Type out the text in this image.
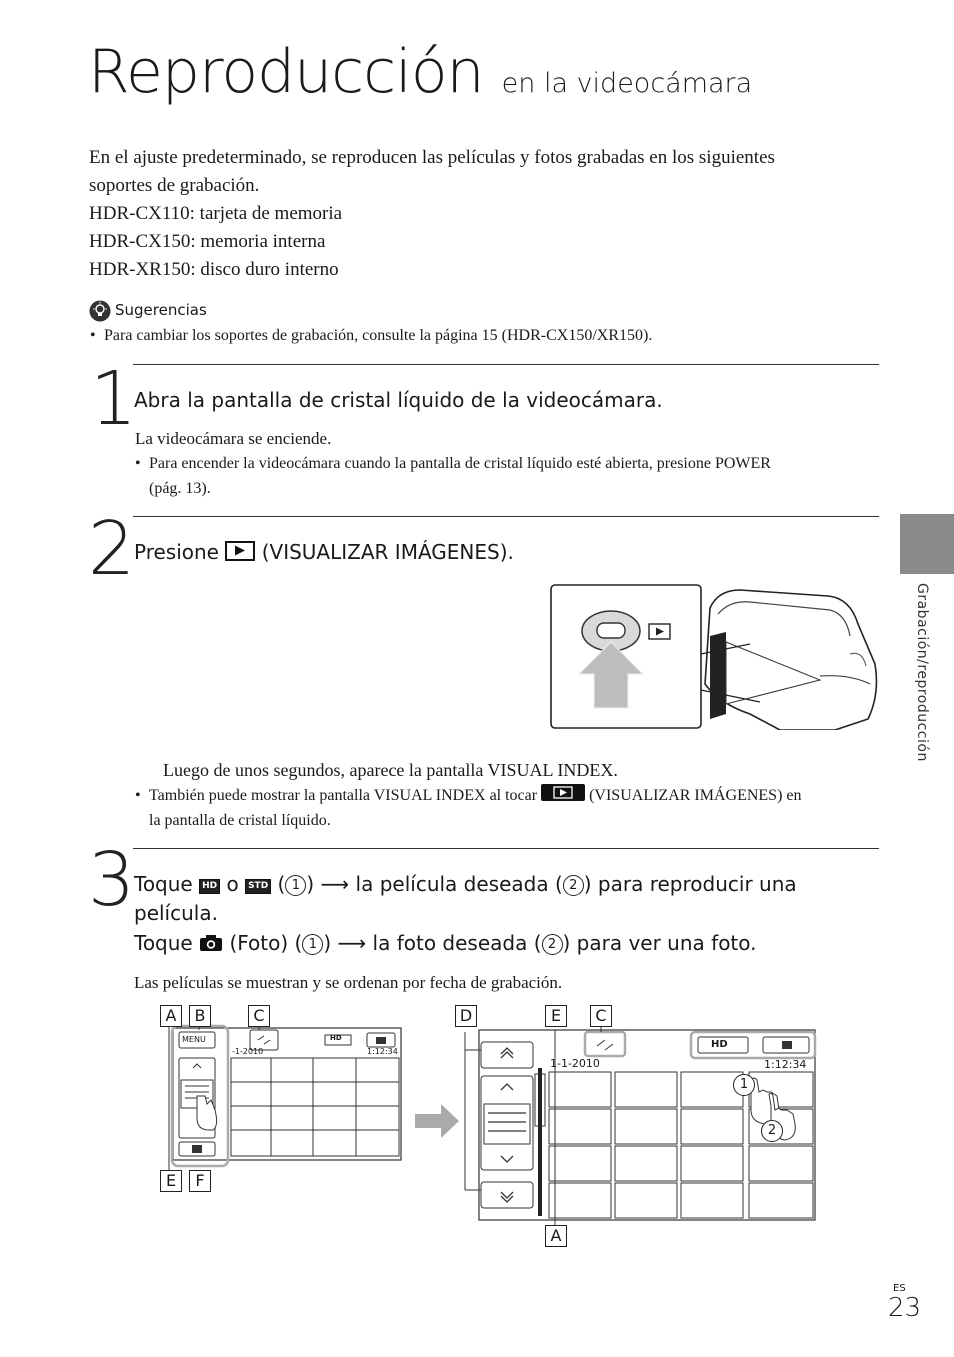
Reproducción en la videocámara
En el ajuste predeterminado, se reproducen las películas y fotos grabadas en los siguientes
soportes de grabación.
HDR-CX110: tarjeta de memoria
HDR-CX150: memoria interna
HDR-XR150: disco duro interno
Sugerencias
• Para cambiar los soportes de grabación, consulte la página 15 (HDR-CX150/XR150).
1
Abra la pantalla de cristal líquido de la videocámara.
La videocámara se enciende.
• Para encender la videocámara cuando la pantalla de cristal líquido esté abierta, presione POWER
(pág. 13).
2
Presione (VISUALIZAR IMÁGENES).
Luego de unos segundos, aparece la pantalla VISUAL INDEX.
• También puede mostrar la pantalla VISUAL INDEX al tocar	(VISUALIZAR IMÁGENES) en
la pantalla de cristal líquido.
3
Toque HD o STD ( 1 ) ⟶ la película deseada ( 2 ) para reproducir una
película.
Toque (Foto) ( 1 ) ⟶ la foto deseada ( 2 ) para ver una foto.
Las películas se muestran y se ordenan por fecha de grabación.
MENU
-1-2010	1:12:34
HD
A	B	C
E	F
1-1-2010	1:12:34
HD
1
2
D	E	C
A
Grabación/reproducción
ES
23
